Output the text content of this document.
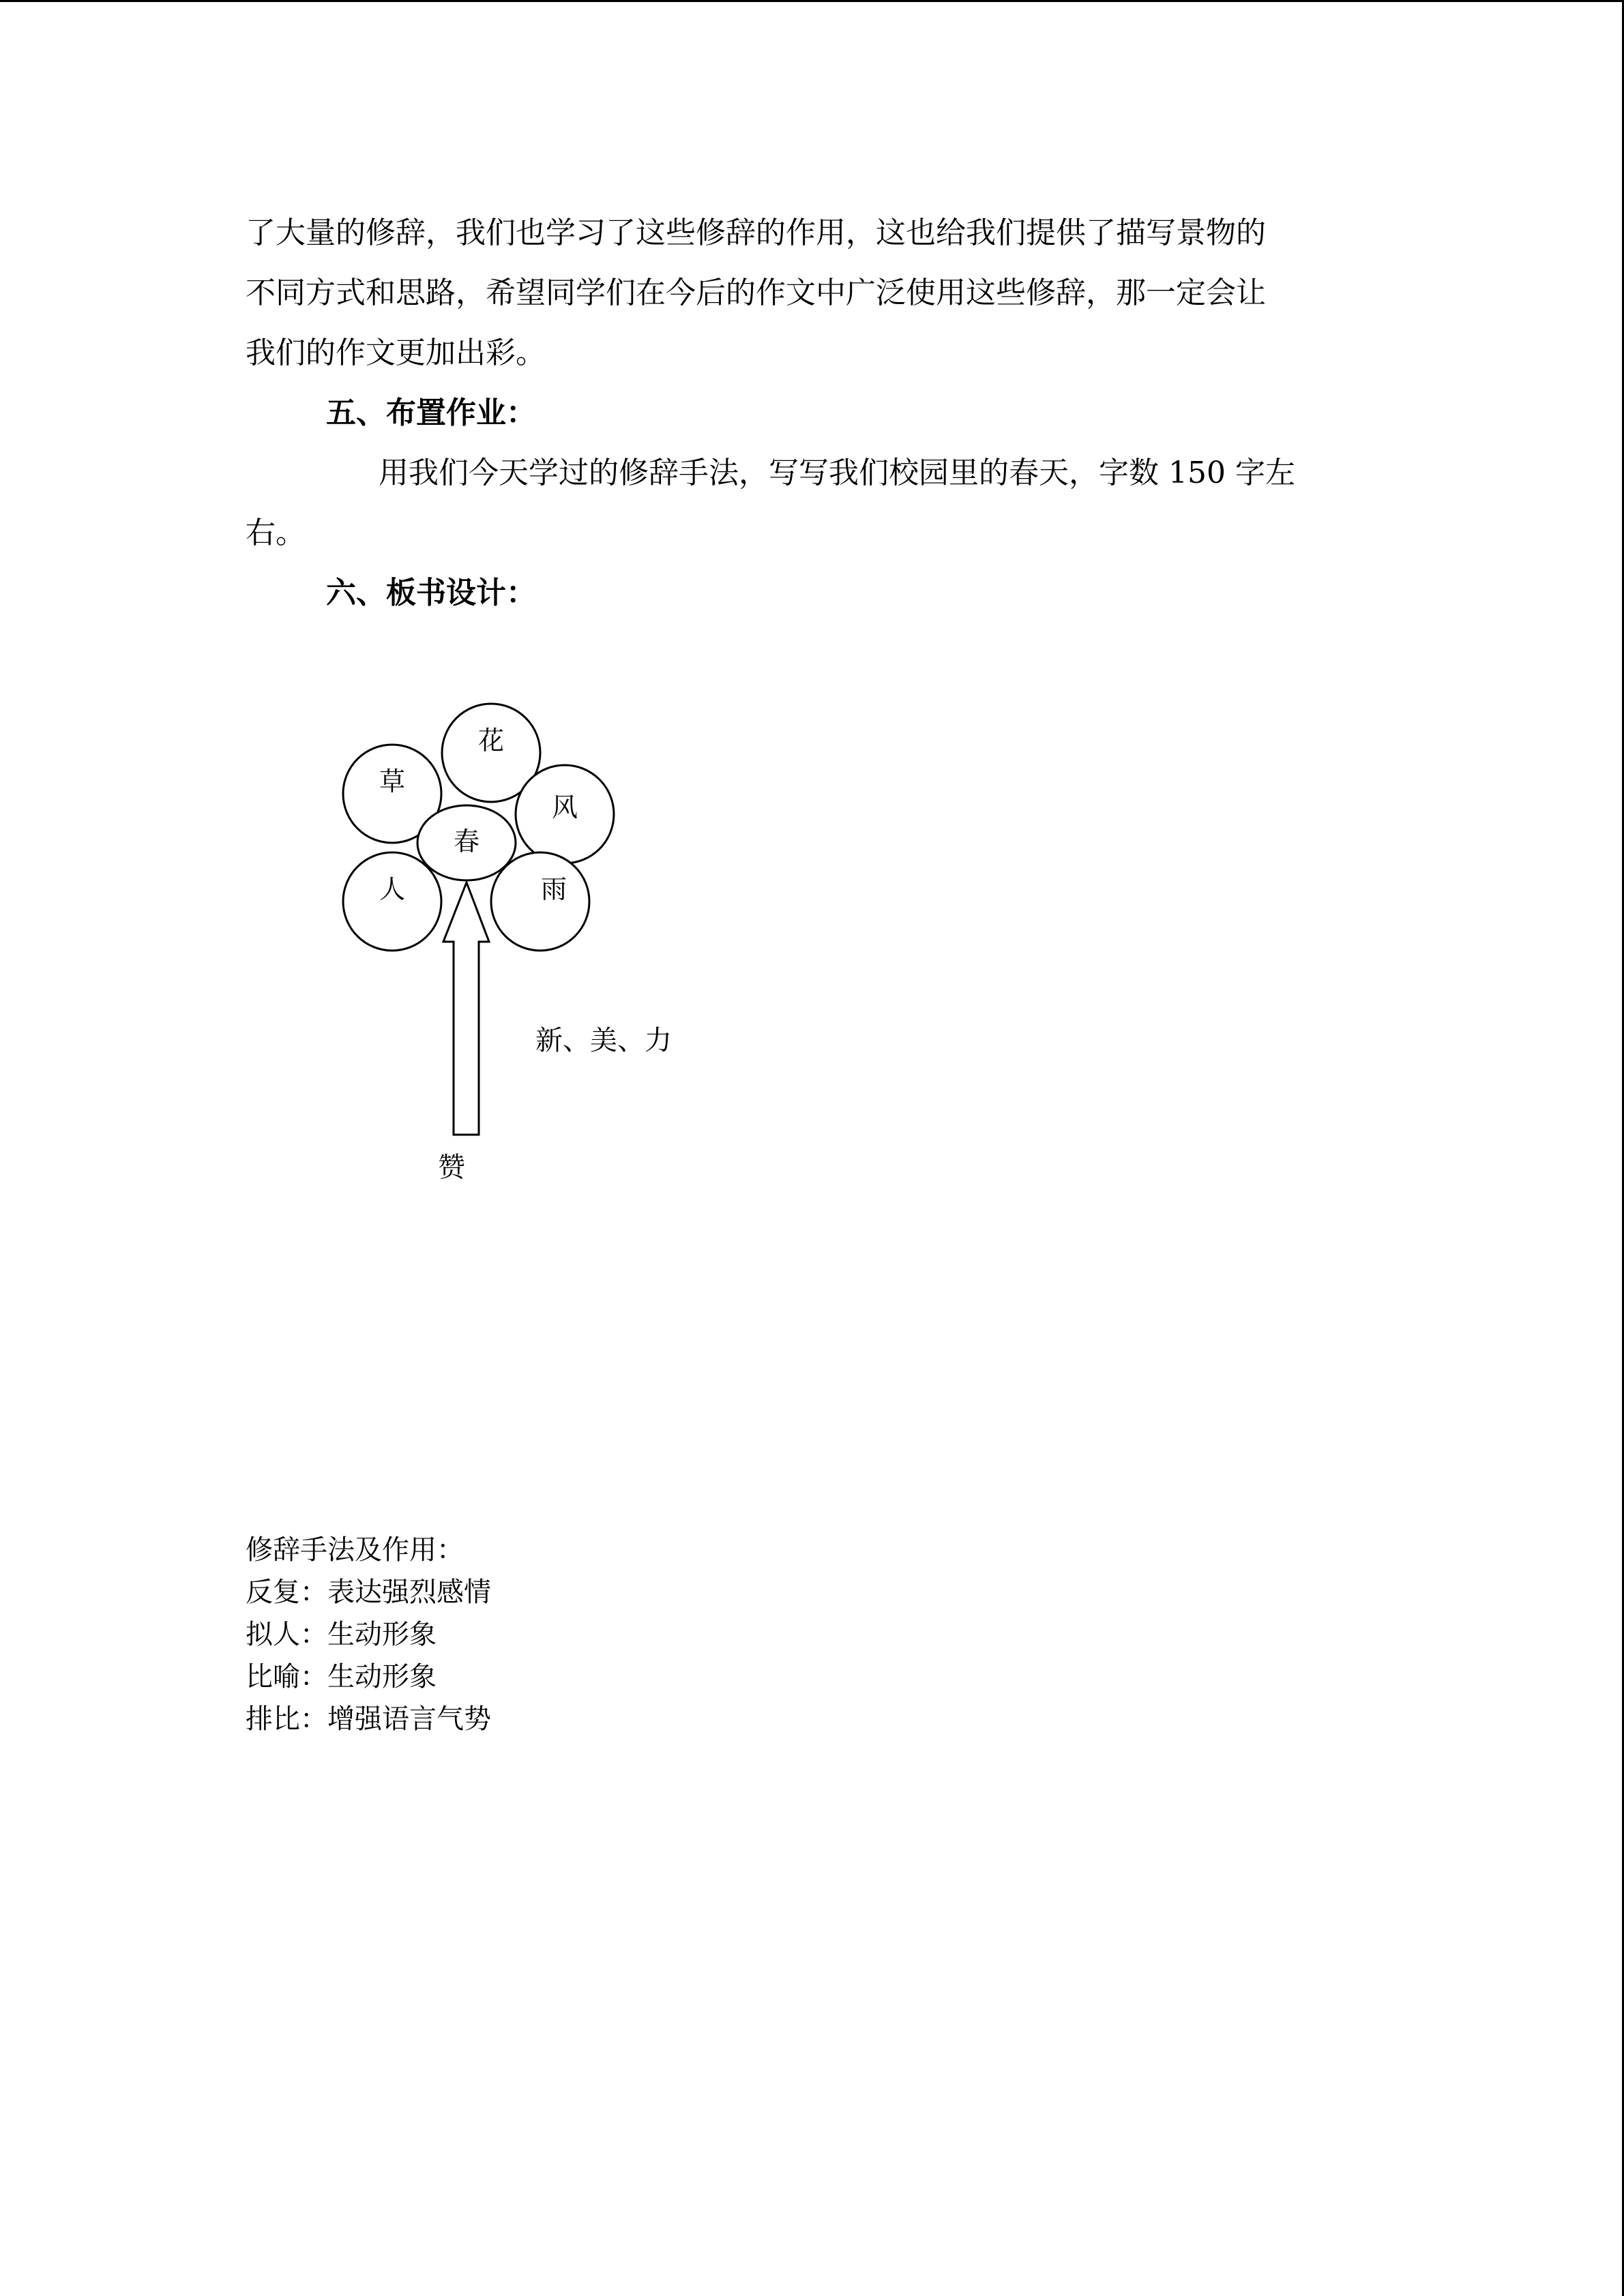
了大量的修辞，我们也学习了这些修辞的作用，这也给我们提供了描写景物的
不同方式和思路，希望同学们在今后的作文中广泛使用这些修辞，那一定会让
我们的作文更加出彩。
五、布置作业：
用我们今天学过的修辞手法，写写我们校园里的春天，字数 150 字左
右。
六、板书设计：
花
草
风
春
人	雨
新、美、力
赞
修辞手法及作用：
反复：表达强烈感情
拟人：生动形象
比喻：生动形象
排比：增强语言气势
